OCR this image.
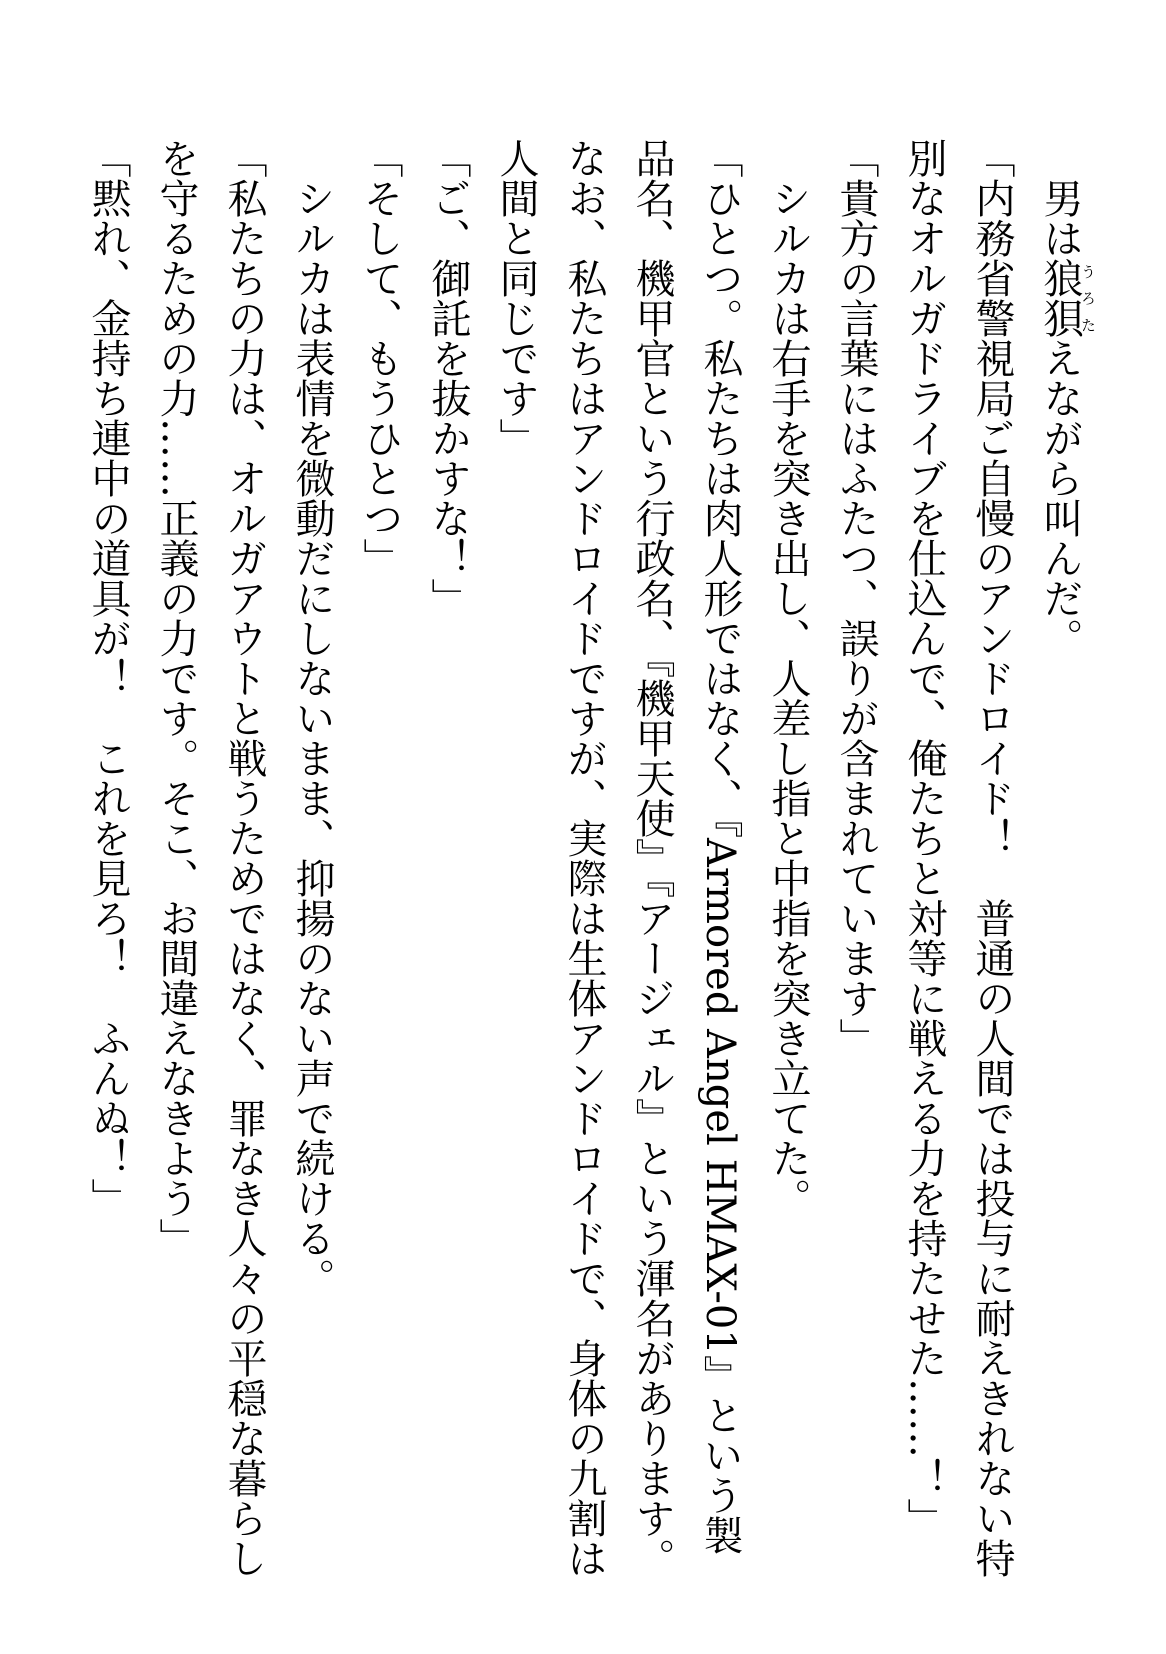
男は狼狽うろたえながら叫んだ。

「内務省警視局ご自慢のアンドロイド！　普通の人間では投与に耐えきれない特別なオルガドライブを仕込んで、俺たちと対等に戦える力を持たせた……！」

「貴方の言葉にはふたつ、誤りが含まれています」

シルカは右手を突き出し、人差し指と中指を突き立てた。

「ひとつ。私たちは肉人形ではなく、『Armored Angel HMAX-01』という製品名、機甲官という行政名、『機甲天使』『アージェル』という渾名があります。なお、私たちはアンドロイドですが、実際は生体アンドロイドで、身体の九割は人間と同じです」

「ご、御託を抜かすな！」

「そして、もうひとつ」

シルカは表情を微動だにしないまま、抑揚のない声で続ける。

「私たちの力は、オルガアウトと戦うためではなく、罪なき人々の平穏な暮らしを守るための力……正義の力です。そこ、お間違えなきよう」

「黙れ、金持ち連中の道具が！　これを見ろ！　ふんぬ！」
